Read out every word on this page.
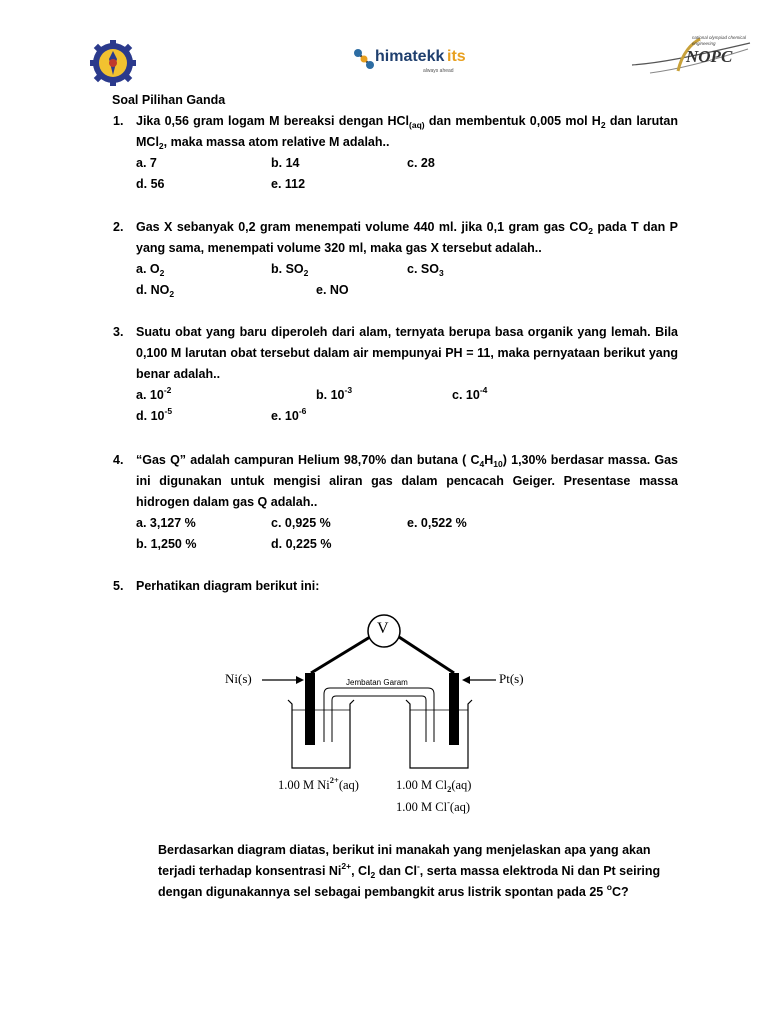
himatekk its
always ahead
NOPC
national olympiad chemical engineering
Soal Pilihan Ganda
1. Jika 0,56 gram logam M bereaksi dengan HCl$_{(aq)}$ dan membentuk 0,005 mol $H_2$ dan larutan MCl$_2$, maka massa atom relative M adalah..
a. 7	b. 14	c. 28
d. 56	e. 112
2. Gas X sebanyak 0,2 gram menempati volume 440 ml. jika 0,1 gram gas $CO_2$ pada T dan P yang sama, menempati volume 320 ml, maka gas X tersebut adalah..
a. $O_2$	b. $SO_2$	c. $SO_3$
d. $NO_2$	e. NO
3. Suatu obat yang baru diperoleh dari alam, ternyata berupa basa organik yang lemah. Bila 0,100 M larutan obat tersebut dalam air mempunyai PH = 11, maka pernyataan berikut yang benar adalah..
a. $10^{-2}$	b. $10^{-3}$	c. $10^{-4}$
d. $10^{-5}$	e. $10^{-6}$
4. “Gas Q” adalah campuran Helium 98,70% dan butana ( $C_4H_{10}$) 1,30% berdasar massa. Gas ini digunakan untuk mengisi aliran gas dalam pencacah Geiger. Presentase massa hidrogen dalam gas Q adalah..
a. 3,127 %	c. 0,925 %	e. 0,522 %
b. 1,250 %	d. 0,225 %
5. Perhatikan diagram berikut ini:
V
Ni(s)	Pt(s)
Jembatan Garam
1.00 M $Ni^{2+}(aq)$	1.00 M $Cl_2(aq)$
1.00 M Cl-(aq)
Berdasarkan diagram diatas, berikut ini manakah yang menjelaskan apa yang akan
terjadi terhadap konsentrasi $Ni^{2+}$, $Cl_2$ dan Cl-, serta massa elektroda Ni dan Pt seiring
dengan digunakannya sel sebagai pembangkit arus listrik spontan pada 25 $^o$C?
